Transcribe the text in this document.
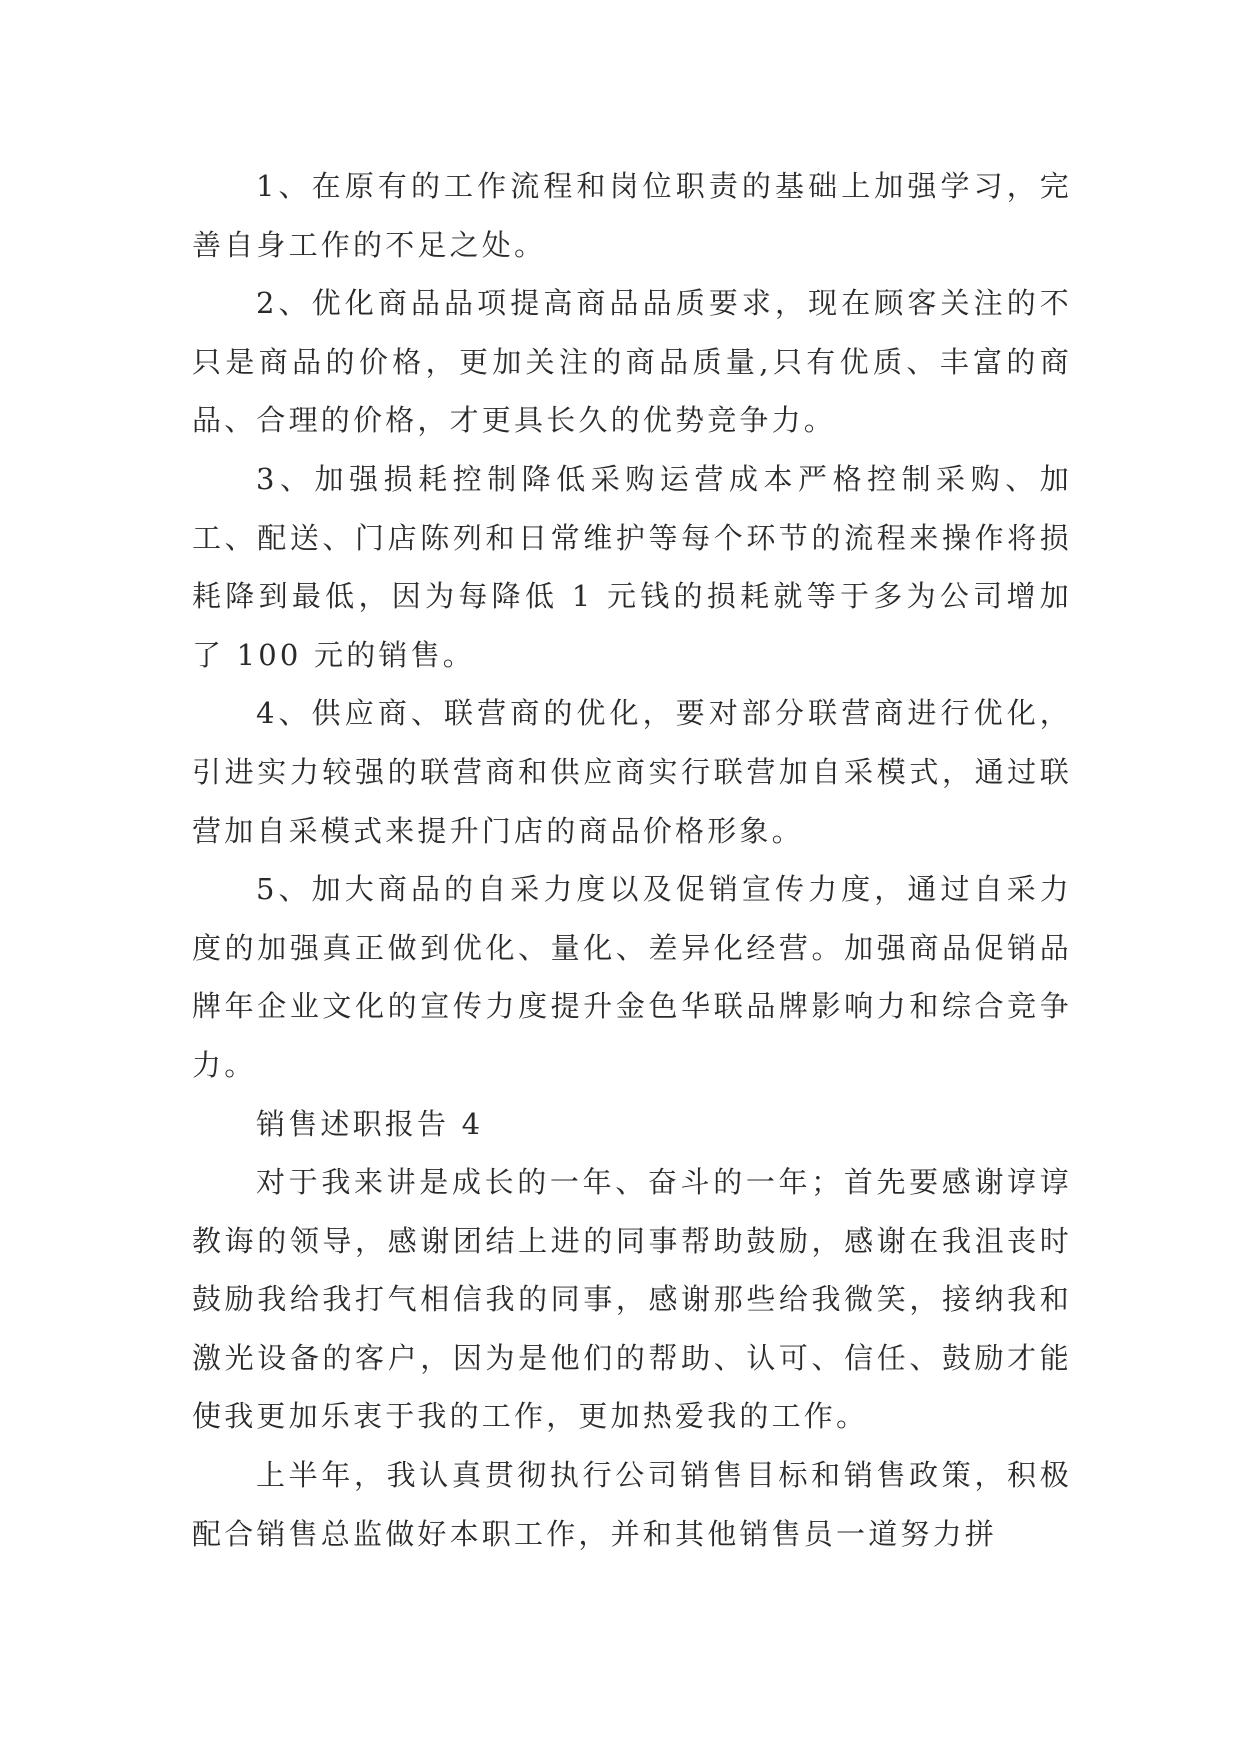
1、在原有的工作流程和岗位职责的基础上加强学习，完善自身工作的不足之处。

2、优化商品品项提高商品品质要求，现在顾客关注的不只是商品的价格，更加关注的商品质量,只有优质、丰富的商品、合理的价格，才更具长久的优势竞争力。

3、加强损耗控制降低采购运营成本严格控制采购、加工、配送、门店陈列和日常维护等每个环节的流程来操作将损耗降到最低，因为每降低 1 元钱的损耗就等于多为公司增加了 100 元的销售。

4、供应商、联营商的优化，要对部分联营商进行优化，引进实力较强的联营商和供应商实行联营加自采模式，通过联营加自采模式来提升门店的商品价格形象。

5、加大商品的自采力度以及促销宣传力度，通过自采力度的加强真正做到优化、量化、差异化经营。加强商品促销品牌年企业文化的宣传力度提升金色华联品牌影响力和综合竞争力。

销售述职报告 4

对于我来讲是成长的一年、奋斗的一年；首先要感谢谆谆教诲的领导，感谢团结上进的同事帮助鼓励，感谢在我沮丧时鼓励我给我打气相信我的同事，感谢那些给我微笑，接纳我和激光设备的客户，因为是他们的帮助、认可、信任、鼓励才能使我更加乐衷于我的工作，更加热爱我的工作。

上半年，我认真贯彻执行公司销售目标和销售政策，积极配合销售总监做好本职工作，并和其他销售员一道努力拼
